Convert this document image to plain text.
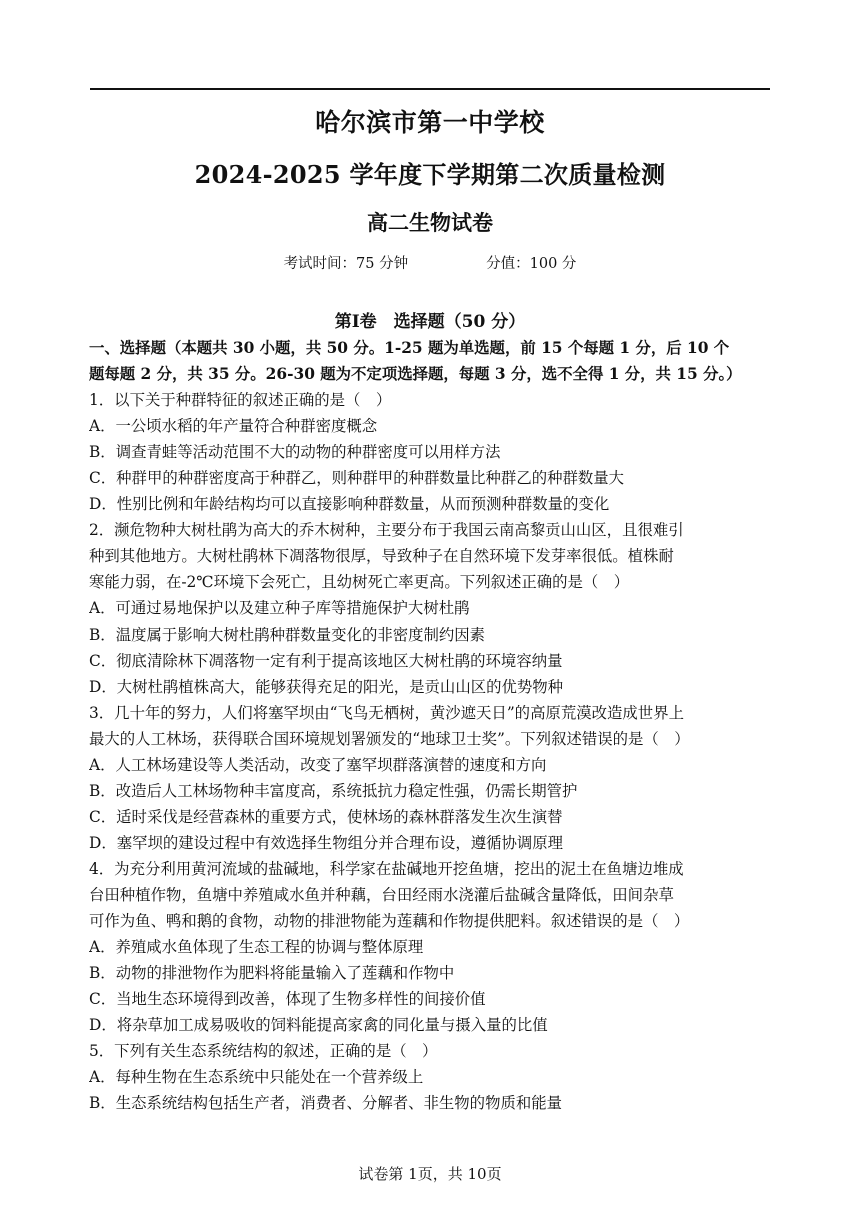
哈尔滨市第一中学校
2024-2025 学年度下学期第二次质量检测
高二生物试卷
考试时间：75 分钟	分值：100 分
第Ⅰ卷　选择题（50 分）

一、选择题（本题共 30 小题，共 50 分。1-25 题为单选题，前 15 个每题 1 分，后 10 个

题每题 2 分，共 35 分。26-30 题为不定项选择题，每题 3 分，选不全得 1 分，共 15 分。）

1．以下关于种群特征的叙述正确的是（　）

A．一公顷水稻的年产量符合种群密度概念

B．调查青蛙等活动范围不大的动物的种群密度可以用样方法

C．种群甲的种群密度高于种群乙，则种群甲的种群数量比种群乙的种群数量大

D．性别比例和年龄结构均可以直接影响种群数量，从而预测种群数量的变化

2．濒危物种大树杜鹃为高大的乔木树种，主要分布于我国云南高黎贡山山区，且很难引

种到其他地方。大树杜鹃林下凋落物很厚，导致种子在自然环境下发芽率很低。植株耐

寒能力弱，在-2℃环境下会死亡，且幼树死亡率更高。下列叙述正确的是（　）

A．可通过易地保护以及建立种子库等措施保护大树杜鹃

B．温度属于影响大树杜鹃种群数量变化的非密度制约因素

C．彻底清除林下凋落物一定有利于提高该地区大树杜鹃的环境容纳量

D．大树杜鹃植株高大，能够获得充足的阳光，是贡山山区的优势物种

3．几十年的努力，人们将塞罕坝由“飞鸟无栖树，黄沙遮天日”的高原荒漠改造成世界上

最大的人工林场，获得联合国环境规划署颁发的“地球卫士奖”。下列叙述错误的是（　）

A．人工林场建设等人类活动，改变了塞罕坝群落演替的速度和方向

B．改造后人工林场物种丰富度高，系统抵抗力稳定性强，仍需长期管护

C．适时采伐是经营森林的重要方式，使林场的森林群落发生次生演替

D．塞罕坝的建设过程中有效选择生物组分并合理布设，遵循协调原理

4．为充分利用黄河流域的盐碱地，科学家在盐碱地开挖鱼塘，挖出的泥土在鱼塘边堆成

台田种植作物，鱼塘中养殖咸水鱼并种藕，台田经雨水浇灌后盐碱含量降低，田间杂草

可作为鱼、鸭和鹅的食物，动物的排泄物能为莲藕和作物提供肥料。叙述错误的是（　）

A．养殖咸水鱼体现了生态工程的协调与整体原理

B．动物的排泄物作为肥料将能量输入了莲藕和作物中

C．当地生态环境得到改善，体现了生物多样性的间接价值

D．将杂草加工成易吸收的饲料能提高家禽的同化量与摄入量的比值

5．下列有关生态系统结构的叙述，正确的是（　）

A．每种生物在生态系统中只能处在一个营养级上

B．生态系统结构包括生产者，消费者、分解者、非生物的物质和能量

试卷第 1页，共 10页
